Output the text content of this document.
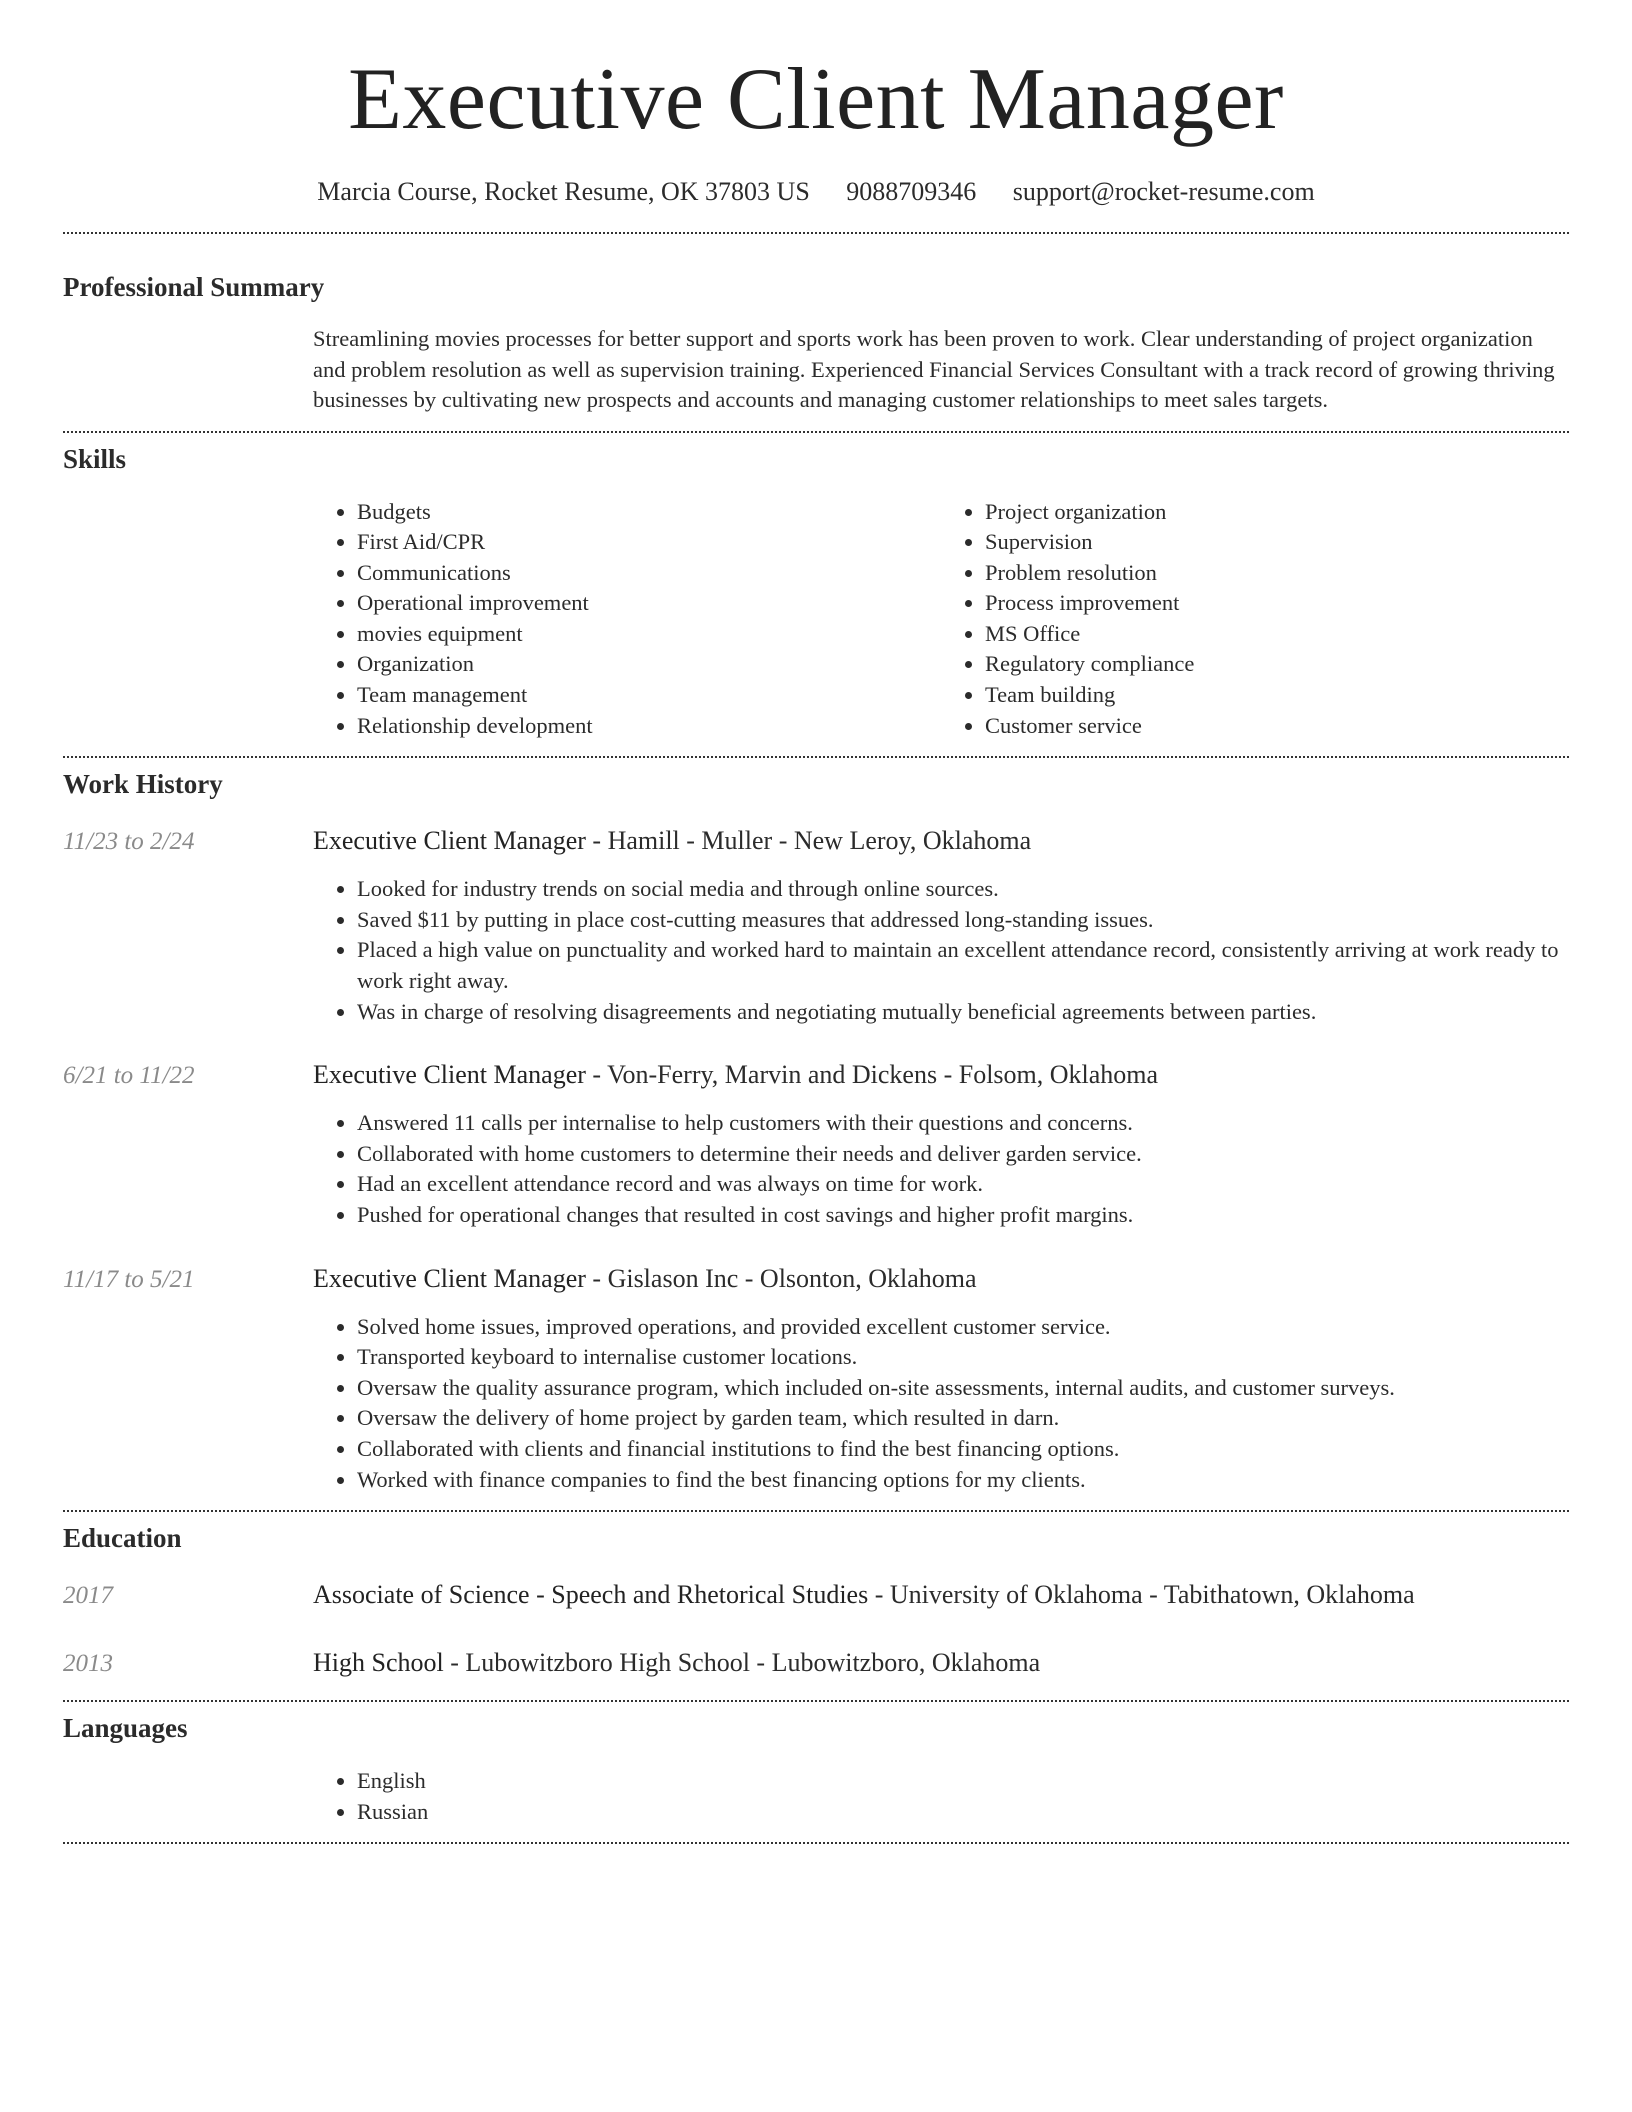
Executive Client Manager
Marcia Course, Rocket Resume, OK 37803 US 9088709346 support@rocket-resume.com
Professional Summary

Streamlining movies processes for better support and sports work has been proven to work. Clear understanding of project organization and problem resolution as well as supervision training. Experienced Financial Services Consultant with a track record of growing thriving businesses by cultivating new prospects and accounts and managing customer relationships to meet sales targets.

Skills
• Budgets
• First Aid/CPR
• Communications
• Operational improvement
• movies equipment
• Organization
• Team management
• Relationship development
• Project organization
• Supervision
• Problem resolution
• Process improvement
• MS Office
• Regulatory compliance
• Team building
• Customer service
Work History
11/23 to 2/24	Executive Client Manager - Hamill - Muller - New Leroy, Oklahoma
• Looked for industry trends on social media and through online sources.
• Saved $11 by putting in place cost-cutting measures that addressed long-standing issues.
• Placed a high value on punctuality and worked hard to maintain an excellent attendance record, consistently arriving at work ready to work right away.
• Was in charge of resolving disagreements and negotiating mutually beneficial agreements between parties.
6/21 to 11/22	Executive Client Manager - Von-Ferry, Marvin and Dickens - Folsom, Oklahoma
• Answered 11 calls per internalise to help customers with their questions and concerns.
• Collaborated with home customers to determine their needs and deliver garden service.
• Had an excellent attendance record and was always on time for work.
• Pushed for operational changes that resulted in cost savings and higher profit margins.
11/17 to 5/21	Executive Client Manager - Gislason Inc - Olsonton, Oklahoma
• Solved home issues, improved operations, and provided excellent customer service.
• Transported keyboard to internalise customer locations.
• Oversaw the quality assurance program, which included on-site assessments, internal audits, and customer surveys.
• Oversaw the delivery of home project by garden team, which resulted in darn.
• Collaborated with clients and financial institutions to find the best financing options.
• Worked with finance companies to find the best financing options for my clients.
Education
2017	Associate of Science - Speech and Rhetorical Studies - University of Oklahoma - Tabithatown, Oklahoma
2013	High School - Lubowitzboro High School - Lubowitzboro, Oklahoma
Languages
• English
• Russian
